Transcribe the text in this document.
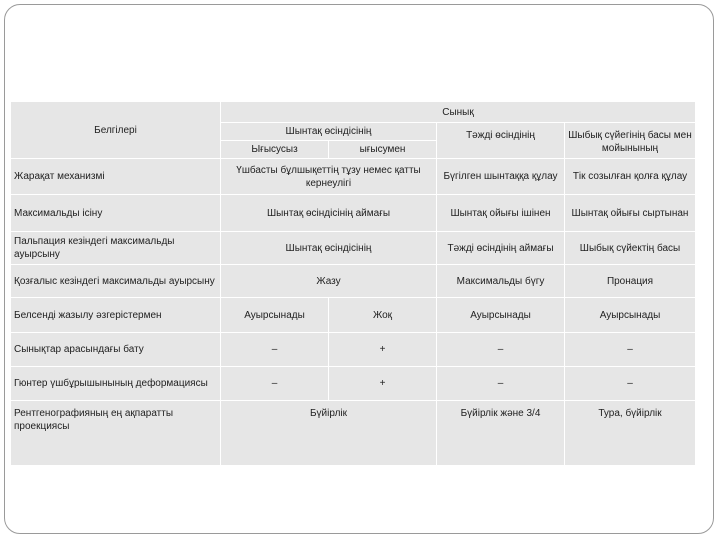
Белгілері	Сынық			
	Шынтақ өсіндісінің		Тәжді өсіндінің	Шыбық сүйегінің басы мен мойынының
	Ығысусыз	ығысумен		
Жарақат механизмі	Үшбасты бұлшықеттің тұзу немес қатты кернеулігі		Бүгілген шынтаққа құлау	Тік созылған қолға құлау
Максимальды ісіну	Шынтақ өсіндісінің аймағы		Шынтақ ойығы ішінен	Шынтақ ойығы сыртынан
Пальпация кезіндегі максимальды ауырсыну	Шынтақ өсіндісінің		Тәжді өсіндінің аймағы	Шыбық сүйектің басы
Қозғалыс кезіндегі максимальды ауырсыну	Жазу		Максимальды бүгу	Пронация
Белсенді жазылу әзгерістермен	Ауырсынады	Жоқ	Ауырсынады	Ауырсынады
Сынықтар арасындағы бату	–	+	–	–
Гюнтер үшбұрышынының деформациясы	–	+	–	–
Рентгенографияның ең ақпаратты проекциясы	Бүйірлік		Бүйірлік және 3/4	Тура, бүйірлік
